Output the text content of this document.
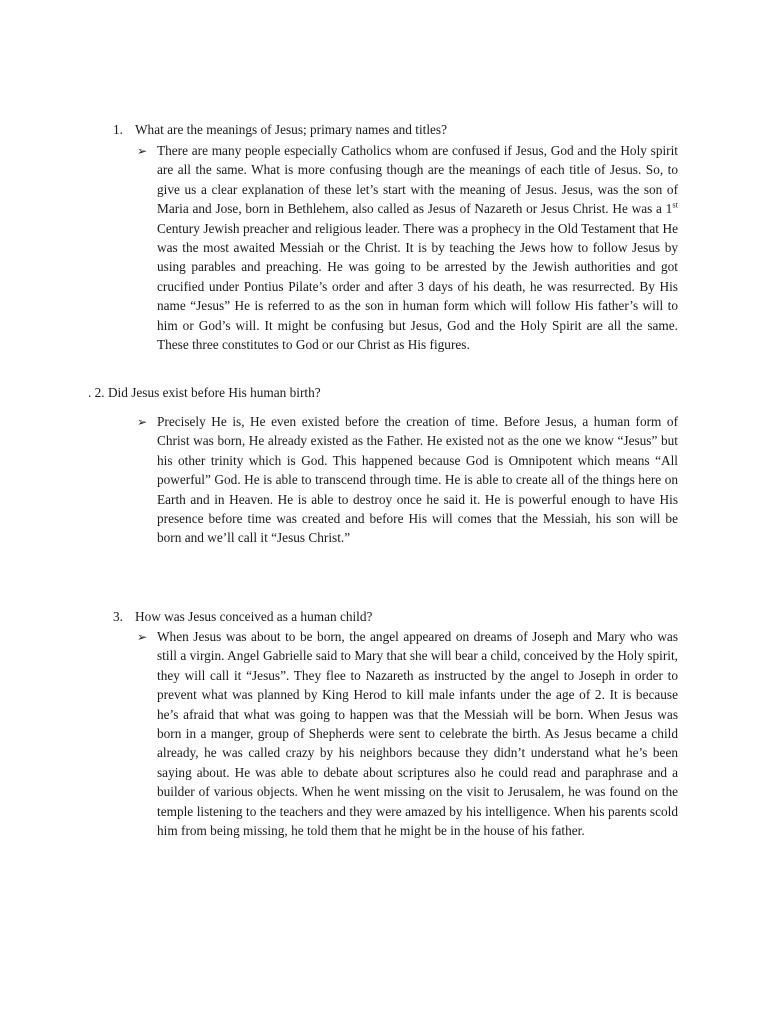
1. What are the meanings of Jesus; primary names and titles?
➢ There are many people especially Catholics whom are confused if Jesus, God and the Holy spirit are all the same. What is more confusing though are the meanings of each title of Jesus. So, to give us a clear explanation of these let’s start with the meaning of Jesus. Jesus, was the son of Maria and Jose, born in Bethlehem, also called as Jesus of Nazareth or Jesus Christ. He was a 1st Century Jewish preacher and religious leader. There was a prophecy in the Old Testament that He was the most awaited Messiah or the Christ. It is by teaching the Jews how to follow Jesus by using parables and preaching. He was going to be arrested by the Jewish authorities and got crucified under Pontius Pilate’s order and after 3 days of his death, he was resurrected. By His name “Jesus” He is referred to as the son in human form which will follow His father’s will to him or God’s will. It might be confusing but Jesus, God and the Holy Spirit are all the same. These three constitutes to God or our Christ as His figures.
. 2. Did Jesus exist before His human birth?
➢ Precisely He is, He even existed before the creation of time. Before Jesus, a human form of Christ was born, He already existed as the Father. He existed not as the one we know “Jesus” but his other trinity which is God. This happened because God is Omnipotent which means “All powerful” God. He is able to transcend through time. He is able to create all of the things here on Earth and in Heaven. He is able to destroy once he said it. He is powerful enough to have His presence before time was created and before His will comes that the Messiah, his son will be born and we’ll call it “Jesus Christ.”
3. How was Jesus conceived as a human child?
➢ When Jesus was about to be born, the angel appeared on dreams of Joseph and Mary who was still a virgin. Angel Gabrielle said to Mary that she will bear a child, conceived by the Holy spirit, they will call it “Jesus”. They flee to Nazareth as instructed by the angel to Joseph in order to prevent what was planned by King Herod to kill male infants under the age of 2. It is because he’s afraid that what was going to happen was that the Messiah will be born. When Jesus was born in a manger, group of Shepherds were sent to celebrate the birth. As Jesus became a child already, he was called crazy by his neighbors because they didn’t understand what he’s been saying about. He was able to debate about scriptures also he could read and paraphrase and a builder of various objects. When he went missing on the visit to Jerusalem, he was found on the temple listening to the teachers and they were amazed by his intelligence. When his parents scold him from being missing, he told them that he might be in the house of his father.
